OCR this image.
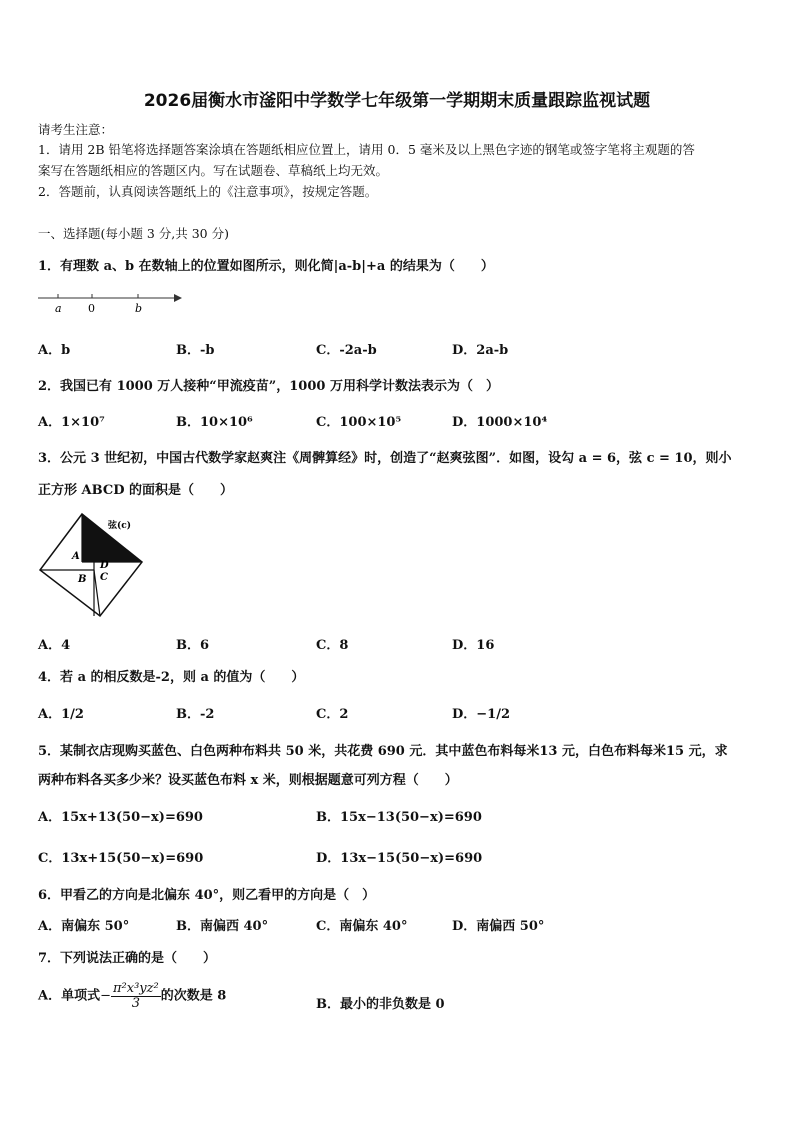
2026届衡水市滏阳中学数学七年级第一学期期末质量跟踪监视试题
请考生注意：
1．请用 2B 铅笔将选择题答案涂填在答题纸相应位置上，请用 0．5 毫米及以上黑色字迹的钢笔或签字笔将主观题的答
案写在答题纸相应的答题区内。写在试题卷、草稿纸上均无效。
2．答题前，认真阅读答题纸上的《注意事项》，按规定答题。
一、选择题(每小题 3 分,共 30 分)
1．有理数 a、b 在数轴上的位置如图所示，则化简|a-b|+a 的结果为（　　）
a 0	b
A．b	B．-b	C．-2a-b	D．2a-b
2．我国已有 1000 万人接种“甲流疫苗”，1000 万用科学计数法表示为（　）
A．1×10⁷	B．10×10⁶	C．100×10⁵	D．1000×10⁴
3．公元 3 世纪初，中国古代数学家赵爽注《周髀算经》时，创造了“赵爽弦图”．如图，设勾 a = 6，弦 c = 10，则小
正方形 ABCD 的面积是（　　）
弦(c)
A
B C
D
A．4	B．6	C．8	D．16
4．若 a 的相反数是-2，则 a 的值为（　　）
A．1/2	B．-2	C．2	D．−1/2
5．某制衣店现购买蓝色、白色两种布料共 50 米，共花费 690 元．其中蓝色布料每米13 元，白色布料每米15 元，求
两种布料各买多少米？设买蓝色布料 x 米，则根据题意可列方程（　　）
A．15x+13(50−x)=690	B．15x−13(50−x)=690
C．13x+15(50−x)=690	D．13x−15(50−x)=690
6．甲看乙的方向是北偏东 40°，则乙看甲的方向是（　）
A．南偏东 50°	B．南偏西 40°	C．南偏东 40°	D．南偏西 50°
7．下列说法正确的是（　　）
A．单项式− $\frac{\text{π²x³yz²}}{3}$ 的次数是 8
B．最小的非负数是 0
